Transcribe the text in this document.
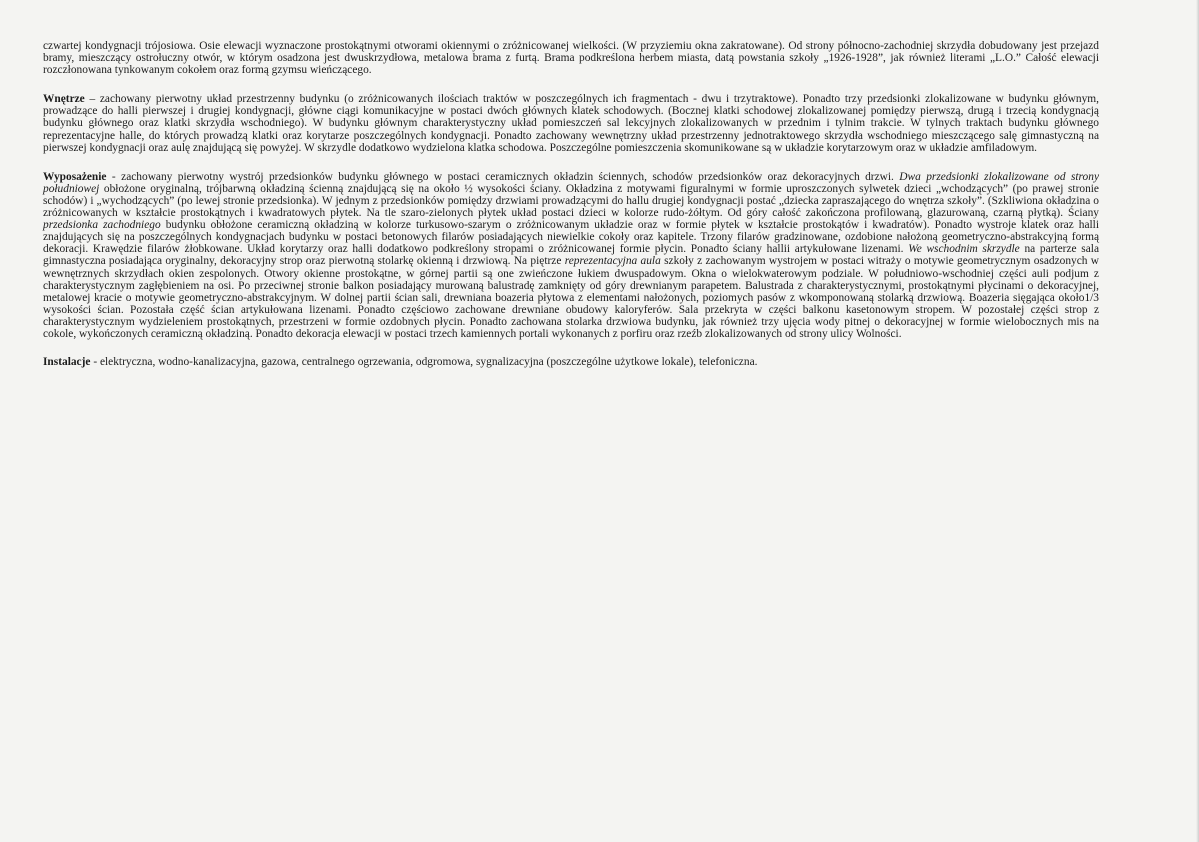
czwartej kondygnacji trójosiowa. Osie elewacji wyznaczone prostokątnymi otworami okiennymi o zróżnicowanej wielkości. (W przyziemiu okna zakratowane). Od strony północno-zachodniej skrzydła dobudowany jest przejazd bramy, mieszczący ostrołuczny otwór, w którym osadzona jest dwuskrzydłowa, metalowa brama z furtą. Brama podkreślona herbem miasta, datą powstania szkoły „1926-1928”, jak również literami „L.O.” Całość elewacji rozczłonowana tynkowanym cokołem oraz formą gzymsu wieńczącego.

Wnętrze – zachowany pierwotny układ przestrzenny budynku (o zróżnicowanych ilościach traktów w poszczególnych ich fragmentach - dwu i trzytraktowe). Ponadto trzy przedsionki zlokalizowane w budynku głównym, prowadzące do halli pierwszej i drugiej kondygnacji, główne ciągi komunikacyjne w postaci dwóch głównych klatek schodowych. (Bocznej klatki schodowej zlokalizowanej pomiędzy pierwszą, drugą i trzecią kondygnacją budynku głównego oraz klatki skrzydła wschodniego). W budynku głównym charakterystyczny układ pomieszczeń sal lekcyjnych zlokalizowanych w przednim i tylnim trakcie. W tylnych traktach budynku głównego reprezentacyjne halle, do których prowadzą klatki oraz korytarze poszczególnych kondygnacji. Ponadto zachowany wewnętrzny układ przestrzenny jednotraktowego skrzydła wschodniego mieszczącego salę gimnastyczną na pierwszej kondygnacji oraz aulę znajdującą się powyżej. W skrzydle dodatkowo wydzielona klatka schodowa. Poszczególne pomieszczenia skomunikowane są w układzie korytarzowym oraz w układzie amfiladowym.

Wyposażenie - zachowany pierwotny wystrój przedsionków budynku głównego w postaci ceramicznych okładzin ściennych, schodów przedsionków oraz dekoracyjnych drzwi. Dwa przedsionki zlokalizowane od strony południowej obłożone oryginalną, trójbarwną okładziną ścienną znajdującą się na około ½ wysokości ściany. Okładzina z motywami figuralnymi w formie uproszczonych sylwetek dzieci „wchodzących” (po prawej stronie schodów) i „wychodzących” (po lewej stronie przedsionka). W jednym z przedsionków pomiędzy drzwiami prowadzącymi do hallu drugiej kondygnacji postać „dziecka zapraszającego do wnętrza szkoły”. (Szkliwiona okładzina o zróżnicowanych w kształcie prostokątnych i kwadratowych płytek. Na tle szaro-zielonych płytek układ postaci dzieci w kolorze rudo-żółtym. Od góry całość zakończona profilowaną, glazurowaną, czarną płytką). Ściany przedsionka zachodniego budynku obłożone ceramiczną okładziną w kolorze turkusowo-szarym o zróżnicowanym układzie oraz w formie płytek w kształcie prostokątów i kwadratów). Ponadto wystroje klatek oraz halli znajdujących się na poszczególnych kondygnacjach budynku w postaci betonowych filarów posiadających niewielkie cokoły oraz kapitele. Trzony filarów gradzinowane, ozdobione nałożoną geometryczno-abstrakcyjną formą dekoracji. Krawędzie filarów żłobkowane. Układ korytarzy oraz halli dodatkowo podkreślony stropami o zróżnicowanej formie płycin. Ponadto ściany hallii artykułowane lizenami. We wschodnim skrzydle na parterze sala gimnastyczna posiadająca oryginalny, dekoracyjny strop oraz pierwotną stolarkę okienną i drzwiową. Na piętrze reprezentacyjna aula szkoły z zachowanym wystrojem w postaci witraży o motywie geometrycznym osadzonych w wewnętrznych skrzydłach okien zespolonych. Otwory okienne prostokątne, w górnej partii są one zwieńczone łukiem dwuspadowym. Okna o wielokwaterowym podziale. W południowo-wschodniej części auli podjum z charakterystycznym zagłębieniem na osi. Po przeciwnej stronie balkon posiadający murowaną balustradę zamknięty od góry drewnianym parapetem. Balustrada z charakterystycznymi, prostokątnymi płycinami o dekoracyjnej, metalowej kracie o motywie geometryczno-abstrakcyjnym. W dolnej partii ścian sali, drewniana boazeria płytowa z elementami nałożonych, poziomych pasów z wkomponowaną stolarką drzwiową. Boazeria sięgająca około1/3 wysokości ścian. Pozostała część ścian artykułowana lizenami. Ponadto częściowo zachowane drewniane obudowy kaloryferów. Sala przekryta w części balkonu kasetonowym stropem. W pozostałej części strop z charakterystycznym wydzieleniem prostokątnych, przestrzeni w formie ozdobnych płycin. Ponadto zachowana stolarka drzwiowa budynku, jak również trzy ujęcia wody pitnej o dekoracyjnej w formie wielobocznych mis na cokole, wykończonych ceramiczną okładziną. Ponadto dekoracja elewacji w postaci trzech kamiennych portali wykonanych z porfiru oraz rzeźb zlokalizowanych od strony ulicy Wolności.

Instalacje - elektryczna, wodno-kanalizacyjna, gazowa, centralnego ogrzewania, odgromowa, sygnalizacyjna (poszczególne użytkowe lokale), telefoniczna.
